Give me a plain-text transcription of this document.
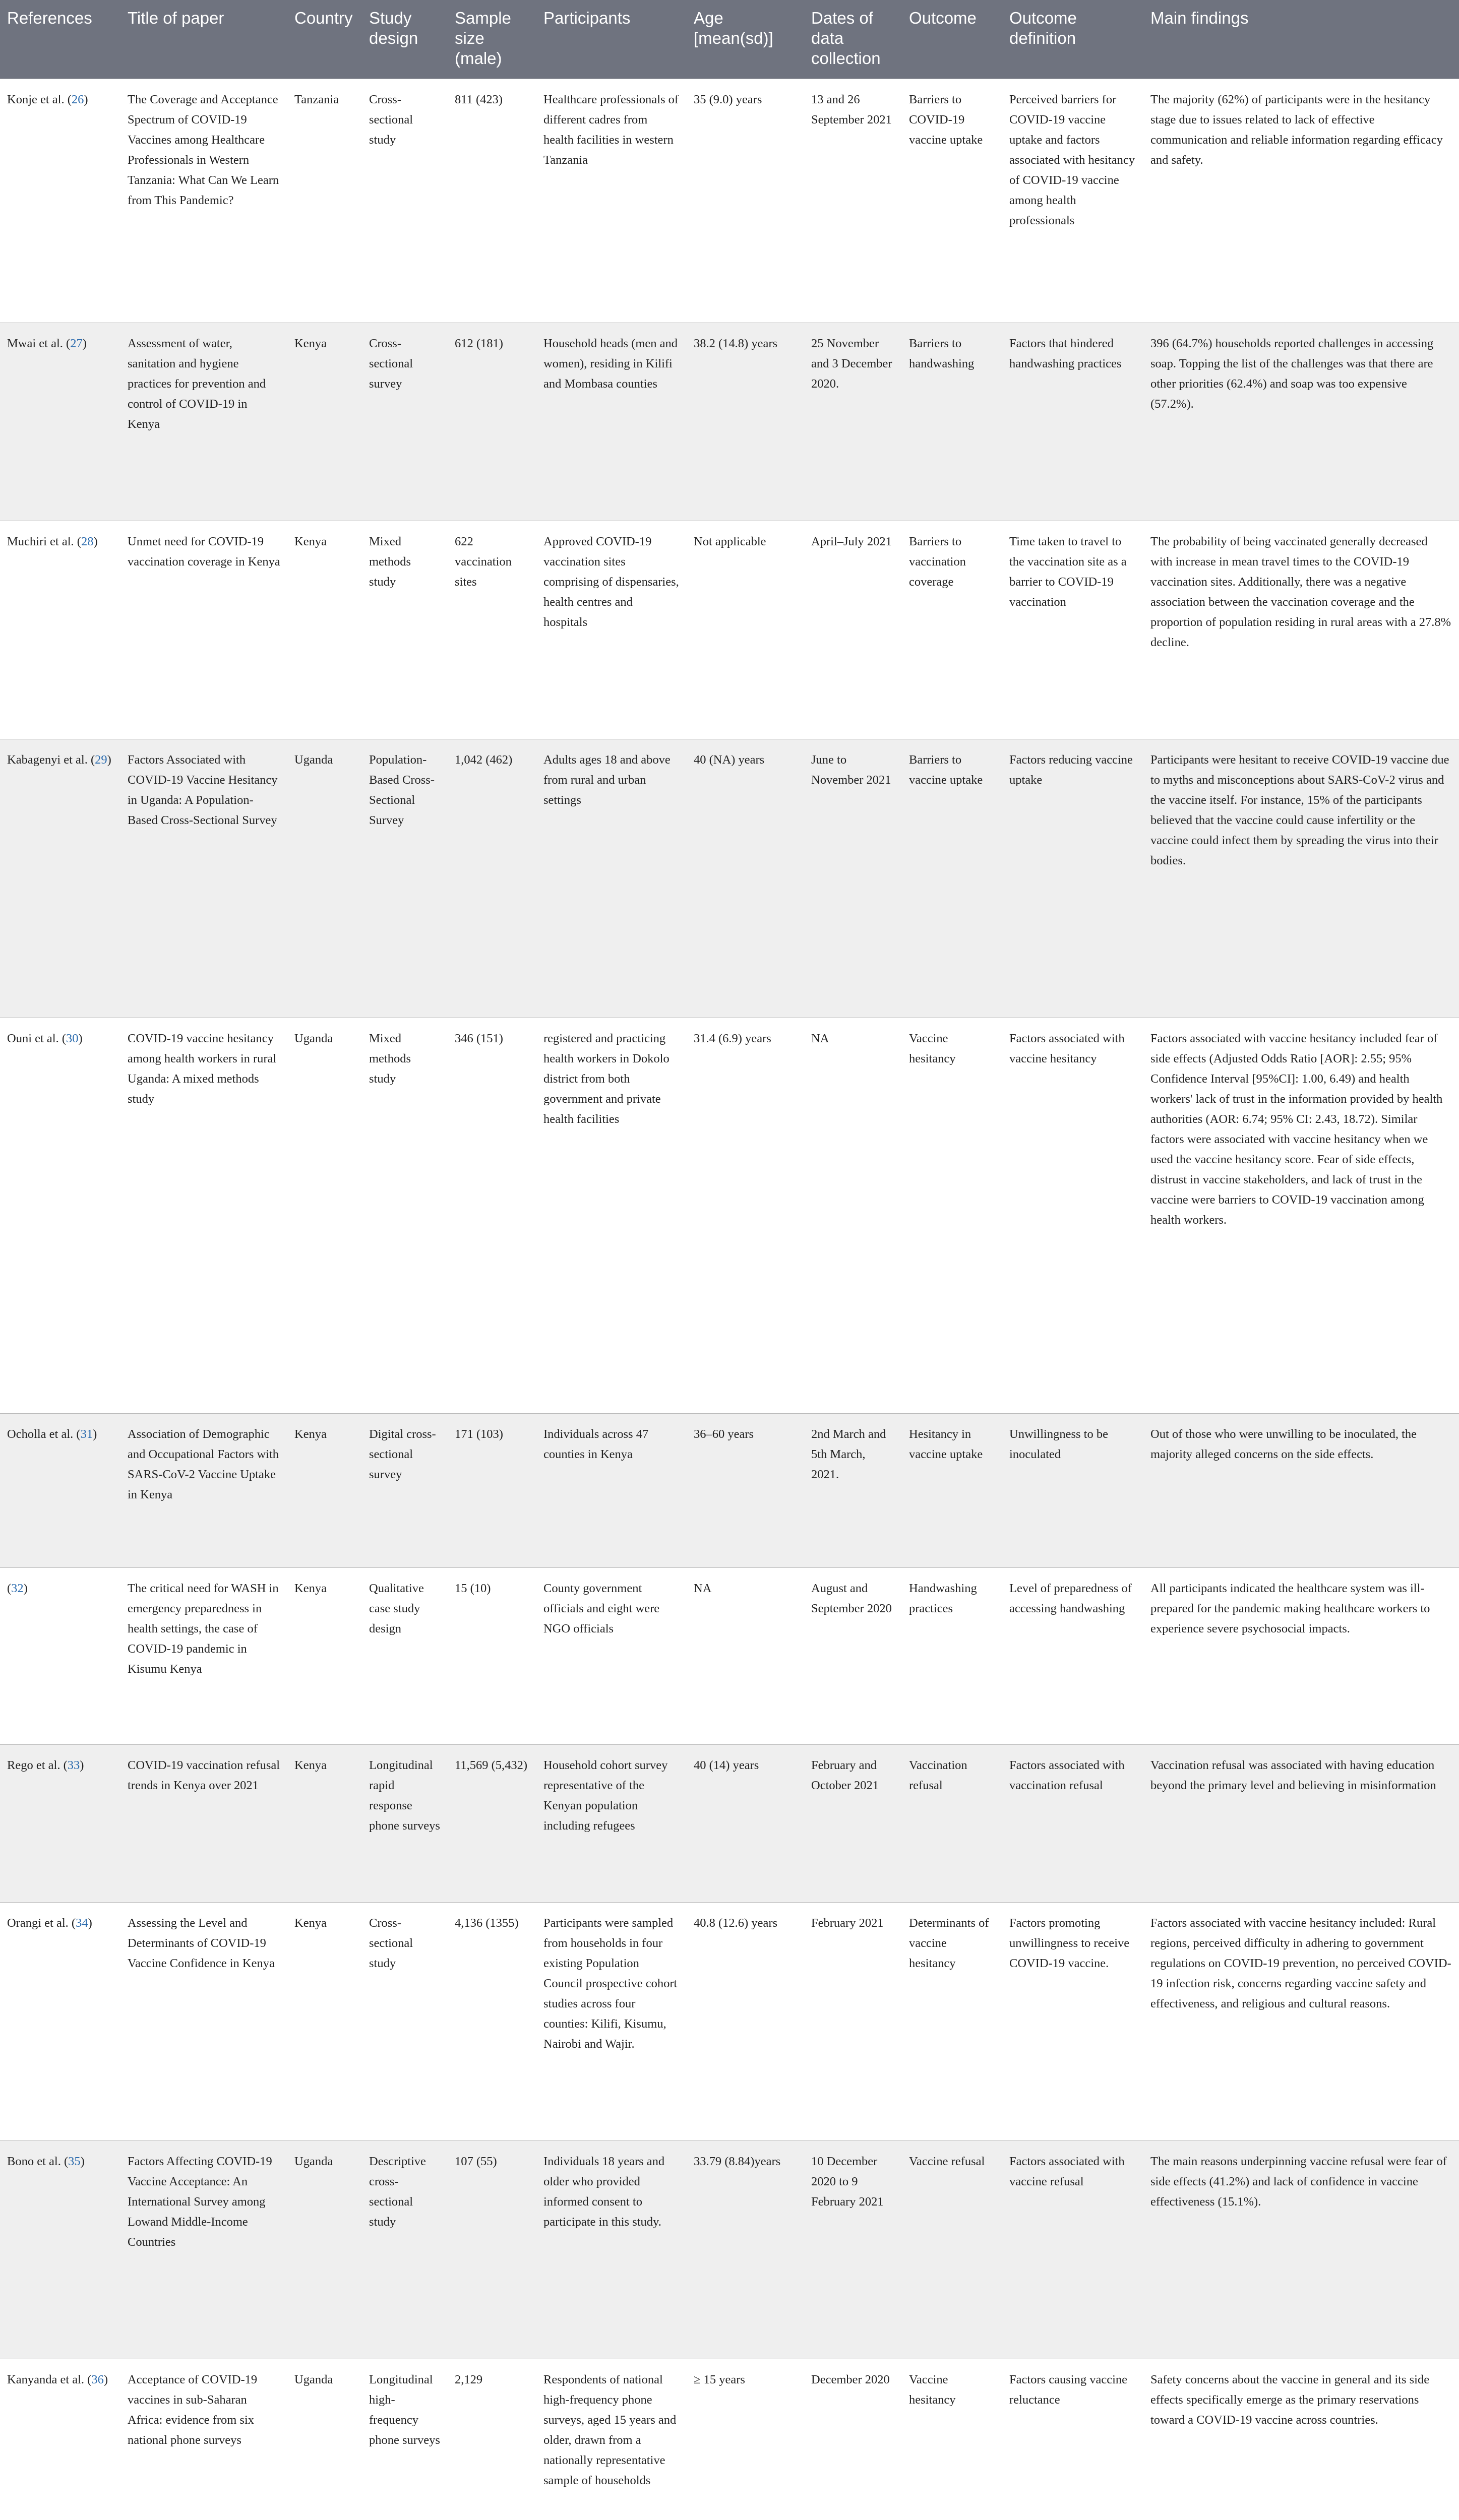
References	Title of paper	Country	Study design	Sample size (male)	Participants	Age [mean(sd)]	Dates of data collection	Outcome	Outcome definition	Main findings
Konje et al. (26)	The Coverage and Acceptance Spectrum of COVID-19 Vaccines among Healthcare Professionals in Western Tanzania: What Can We Learn from This Pandemic?	Tanzania	Cross-sectional study	811 (423)	Healthcare professionals of different cadres from health facilities in western Tanzania	35 (9.0) years	13 and 26 September 2021	Barriers to COVID-19 vaccine uptake	Perceived barriers for COVID-19 vaccine uptake and factors associated with hesitancy of COVID-19 vaccine among health professionals	The majority (62%) of participants were in the hesitancy stage due to issues related to lack of effective communication and reliable information regarding efficacy and safety.
Mwai et al. (27)	Assessment of water, sanitation and hygiene practices for prevention and control of COVID-19 in Kenya	Kenya	Cross-sectional survey	612 (181)	Household heads (men and women), residing in Kilifi and Mombasa counties	38.2 (14.8) years	25 November and 3 December 2020.	Barriers to handwashing	Factors that hindered handwashing practices	396 (64.7%) households reported challenges in accessing soap. Topping the list of the challenges was that there are other priorities (62.4%) and soap was too expensive (57.2%).
Muchiri et al. (28)	Unmet need for COVID-19 vaccination coverage in Kenya	Kenya	Mixed methods study	622 vaccination sites	Approved COVID-19 vaccination sites comprising of dispensaries, health centres and hospitals	Not applicable	April–July 2021	Barriers to vaccination coverage	Time taken to travel to the vaccination site as a barrier to COVID-19 vaccination	The probability of being vaccinated generally decreased with increase in mean travel times to the COVID-19 vaccination sites. Additionally, there was a negative association between the vaccination coverage and the proportion of population residing in rural areas with a 27.8% decline.
Kabagenyi et al. (29)	Factors Associated with COVID-19 Vaccine Hesitancy in Uganda: A Population-Based Cross-Sectional Survey	Uganda	Population-Based Cross-Sectional Survey	1,042 (462)	Adults ages 18 and above from rural and urban settings	40 (NA) years	June to November 2021	Barriers to vaccine uptake	Factors reducing vaccine uptake	Participants were hesitant to receive COVID-19 vaccine due to myths and misconceptions about SARS-CoV-2 virus and the vaccine itself. For instance, 15% of the participants believed that the vaccine could cause infertility or the vaccine could infect them by spreading the virus into their bodies.
Ouni et al. (30)	COVID-19 vaccine hesitancy among health workers in rural Uganda: A mixed methods study	Uganda	Mixed methods study	346 (151)	registered and practicing health workers in Dokolo district from both government and private health facilities	31.4 (6.9) years	NA	Vaccine hesitancy	Factors associated with vaccine hesitancy	Factors associated with vaccine hesitancy included fear of side effects (Adjusted Odds Ratio [AOR]: 2.55; 95% Confidence Interval [95%CI]: 1.00, 6.49) and health workers' lack of trust in the information provided by health authorities (AOR: 6.74; 95% CI: 2.43, 18.72). Similar factors were associated with vaccine hesitancy when we used the vaccine hesitancy score. Fear of side effects, distrust in vaccine stakeholders, and lack of trust in the vaccine were barriers to COVID-19 vaccination among health workers.
Ocholla et al. (31)	Association of Demographic and Occupational Factors with SARS-CoV-2 Vaccine Uptake in Kenya	Kenya	Digital cross-sectional survey	171 (103)	Individuals across 47 counties in Kenya	36–60 years	2nd March and 5th March, 2021.	Hesitancy in vaccine uptake	Unwillingness to be inoculated	Out of those who were unwilling to be inoculated, the majority alleged concerns on the side effects.
(32)	The critical need for WASH in emergency preparedness in health settings, the case of COVID-19 pandemic in Kisumu Kenya	Kenya	Qualitative case study design	15 (10)	County government officials and eight were NGO officials	NA	August and September 2020	Handwashing practices	Level of preparedness of accessing handwashing	All participants indicated the healthcare system was ill-prepared for the pandemic making healthcare workers to experience severe psychosocial impacts.
Rego et al. (33)	COVID-19 vaccination refusal trends in Kenya over 2021	Kenya	Longitudinal rapid response phone surveys	11,569 (5,432)	Household cohort survey representative of the Kenyan population including refugees	40 (14) years	February and October 2021	Vaccination refusal	Factors associated with vaccination refusal	Vaccination refusal was associated with having education beyond the primary level and believing in misinformation
Orangi et al. (34)	Assessing the Level and Determinants of COVID-19 Vaccine Confidence in Kenya	Kenya	Cross-sectional study	4,136 (1355)	Participants were sampled from households in four existing Population Council prospective cohort studies across four counties: Kilifi, Kisumu, Nairobi and Wajir.	40.8 (12.6) years	February 2021	Determinants of vaccine hesitancy	Factors promoting unwillingness to receive COVID-19 vaccine.	Factors associated with vaccine hesitancy included: Rural regions, perceived difficulty in adhering to government regulations on COVID-19 prevention, no perceived COVID-19 infection risk, concerns regarding vaccine safety and effectiveness, and religious and cultural reasons.
Bono et al. (35)	Factors Affecting COVID-19 Vaccine Acceptance: An International Survey among Lowand Middle-Income Countries	Uganda	Descriptive cross-sectional study	107 (55)	Individuals 18 years and older who provided informed consent to participate in this study.	33.79 (8.84)years	10 December 2020 to 9 February 2021	Vaccine refusal	Factors associated with vaccine refusal	The main reasons underpinning vaccine refusal were fear of side effects (41.2%) and lack of confidence in vaccine effectiveness (15.1%).
Kanyanda et al. (36)	Acceptance of COVID-19 vaccines in sub-Saharan Africa: evidence from six national phone surveys	Uganda	Longitudinal high-frequency phone surveys	2,129	Respondents of national high-frequency phone surveys, aged 15 years and older, drawn from a nationally representative sample of households	≥ 15 years	December 2020	Vaccine hesitancy	Factors causing vaccine reluctance	Safety concerns about the vaccine in general and its side effects specifically emerge as the primary reservations toward a COVID-19 vaccine across countries.
